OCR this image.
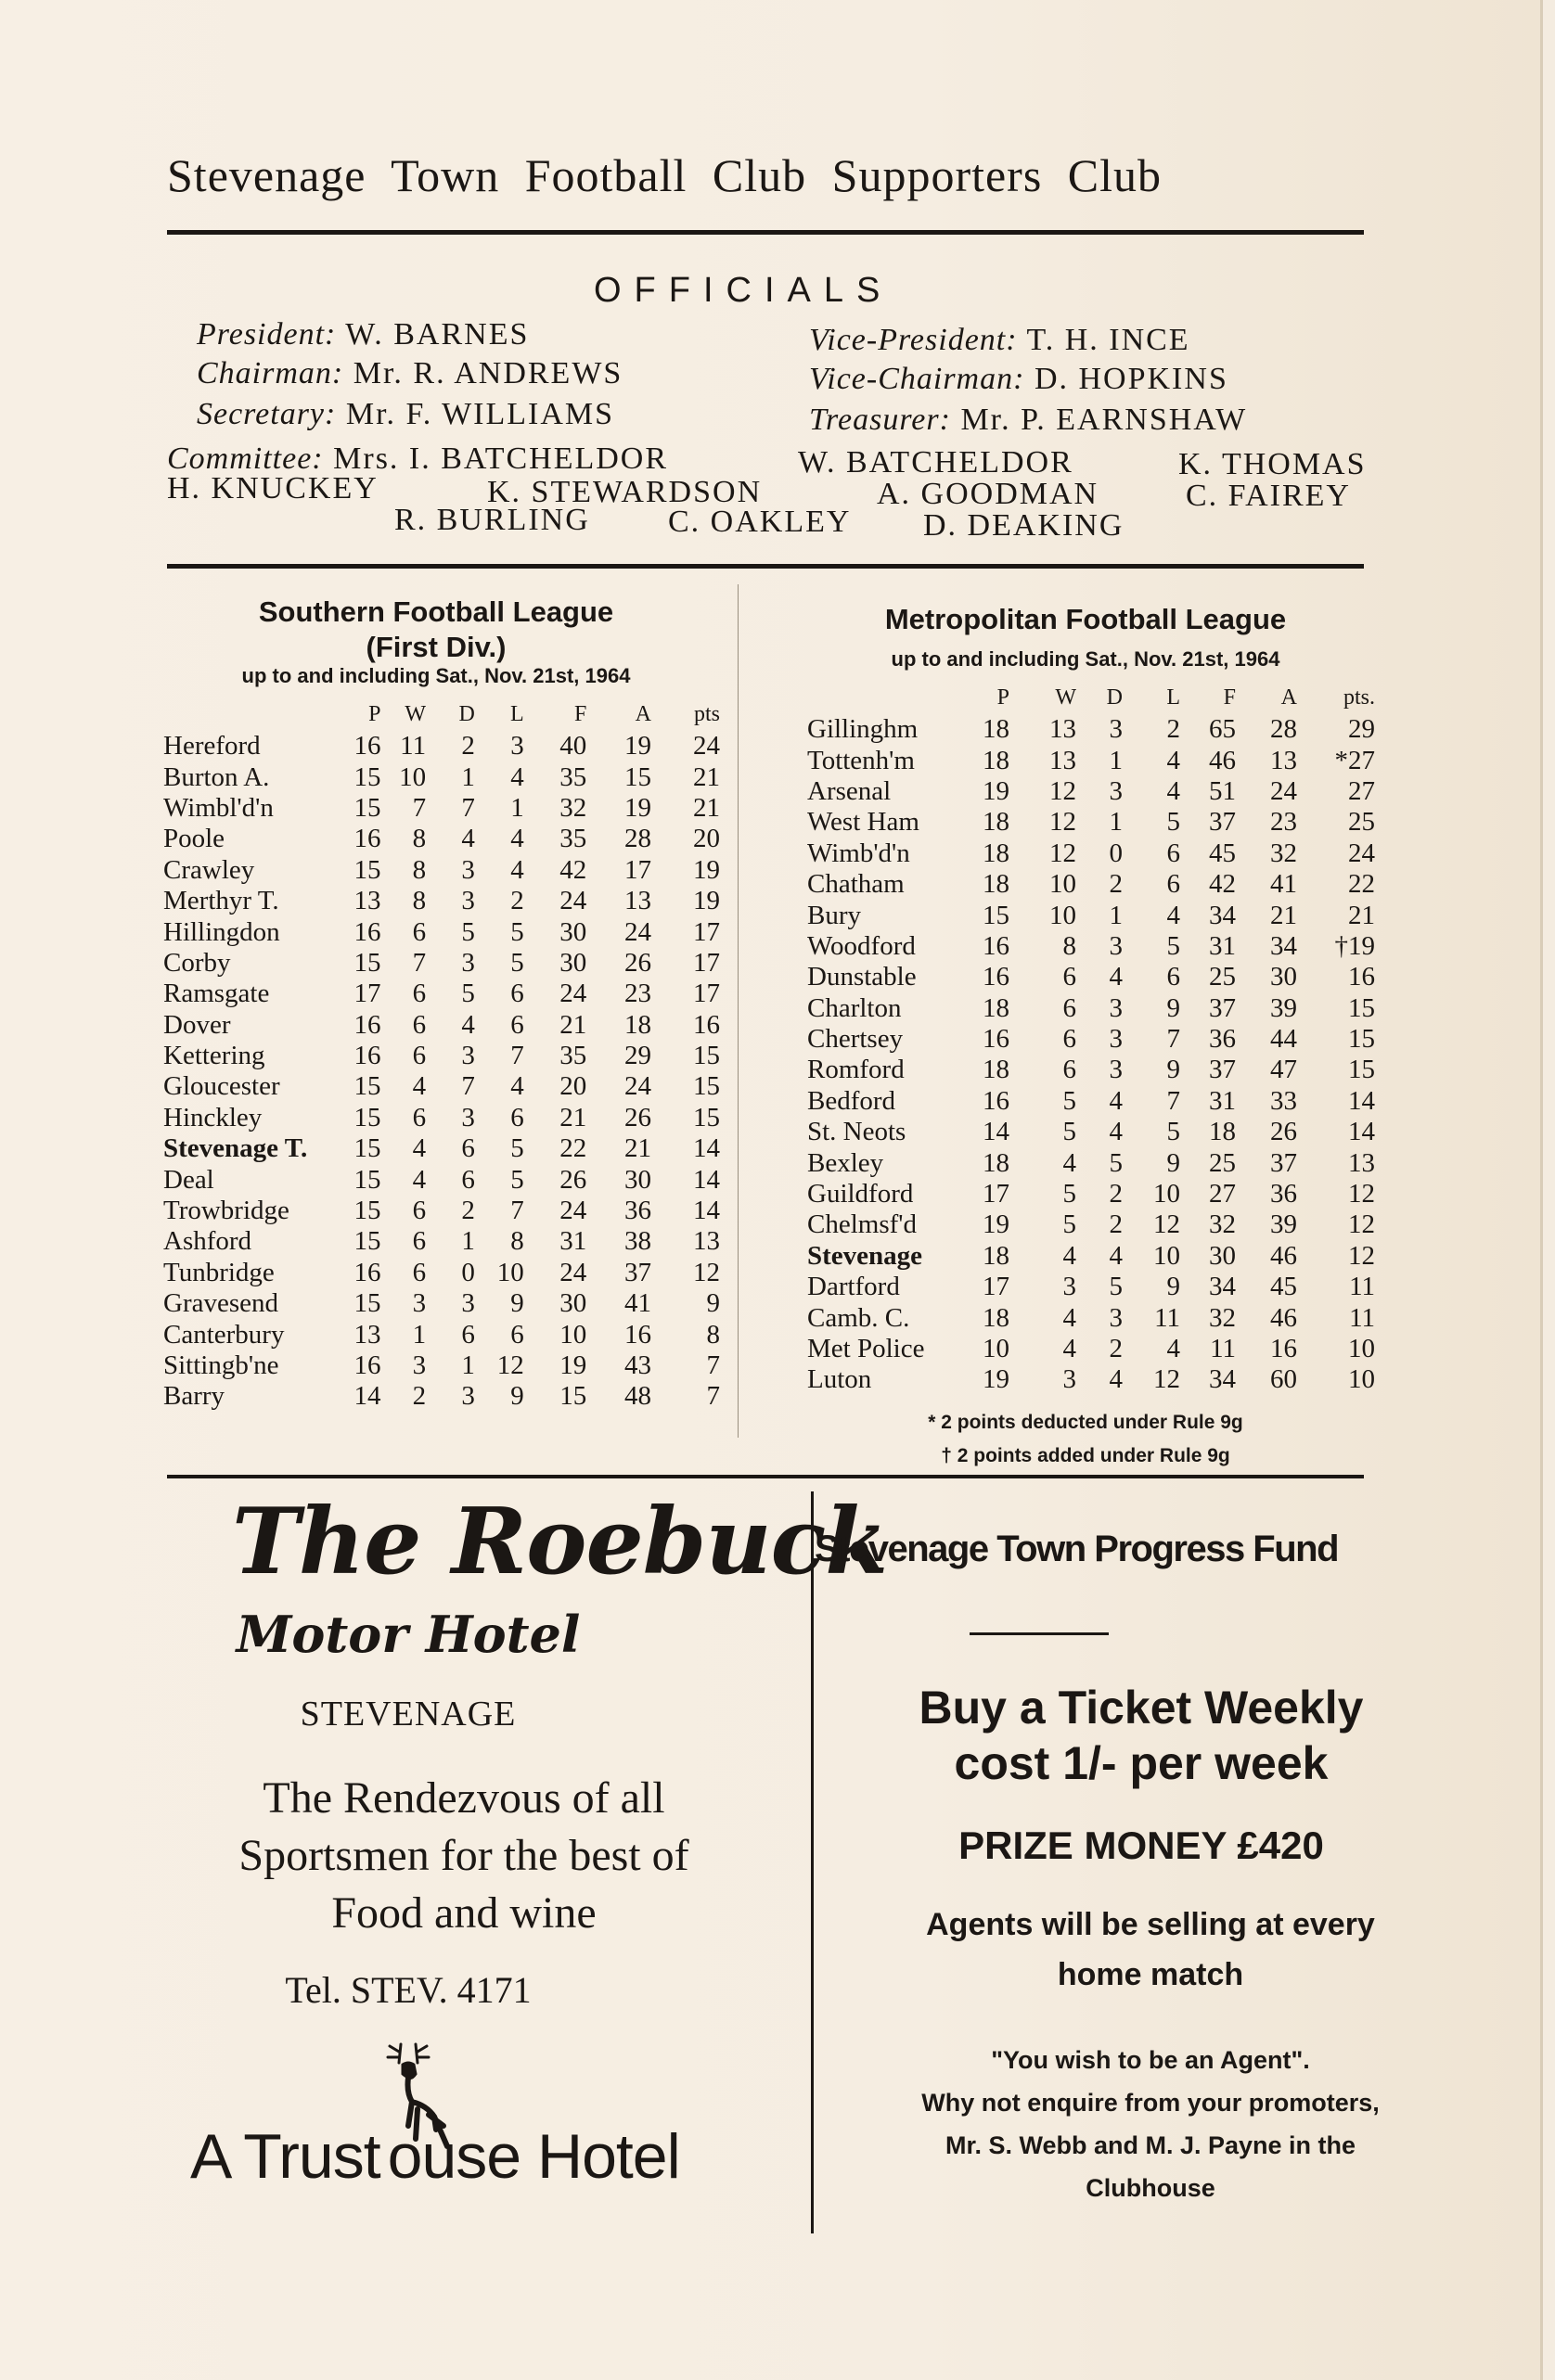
Stevenage Town Football Club Supporters Club
OFFICIALS
President: W. BARNES	Vice-President: T. H. INCE
Chairman: Mr. R. ANDREWS	Vice-Chairman: D. HOPKINS
Secretary: Mr. F. WILLIAMS	Treasurer: Mr. P. EARNSHAW
Committee: Mrs. I. BATCHELDOR	W. BATCHELDOR	K. THOMAS
H. KNUCKEY	K. STEWARDSON	A. GOODMAN	C. FAIREY
R. BURLING C. OAKLEY D. DEAKING
Southern Football League
(First Div.)
up to and including Sat., Nov. 21st, 1964
	P	W	D	L	F	A	pts
Hereford	16	11	2	3	40	19	24
Burton A.	15	10	1	4	35	15	21
Wimbl'd'n	15	7	7	1	32	19	21
Poole	16	8	4	4	35	28	20
Crawley	15	8	3	4	42	17	19
Merthyr T.	13	8	3	2	24	13	19
Hillingdon	16	6	5	5	30	24	17
Corby	15	7	3	5	30	26	17
Ramsgate	17	6	5	6	24	23	17
Dover	16	6	4	6	21	18	16
Kettering	16	6	3	7	35	29	15
Gloucester	15	4	7	4	20	24	15
Hinckley	15	6	3	6	21	26	15
Stevenage T.	15	4	6	5	22	21	14
Deal	15	4	6	5	26	30	14
Trowbridge	15	6	2	7	24	36	14
Ashford	15	6	1	8	31	38	13
Tunbridge	16	6	0	10	24	37	12
Gravesend	15	3	3	9	30	41	9
Canterbury	13	1	6	6	10	16	8
Sittingb'ne	16	3	1	12	19	43	7
Barry	14	2	3	9	15	48	7
Metropolitan Football League
up to and including Sat., Nov. 21st, 1964
	P	W	D	L	F	A	pts.
Gillinghm	18	13	3	2	65	28	29
Tottenh'm	18	13	1	4	46	13	*27
Arsenal	19	12	3	4	51	24	27
West Ham	18	12	1	5	37	23	25
Wimb'd'n	18	12	0	6	45	32	24
Chatham	18	10	2	6	42	41	22
Bury	15	10	1	4	34	21	21
Woodford	16	8	3	5	31	34	†19
Dunstable	16	6	4	6	25	30	16
Charlton	18	6	3	9	37	39	15
Chertsey	16	6	3	7	36	44	15
Romford	18	6	3	9	37	47	15
Bedford	16	5	4	7	31	33	14
St. Neots	14	5	4	5	18	26	14
Bexley	18	4	5	9	25	37	13
Guildford	17	5	2	10	27	36	12
Chelmsf'd	19	5	2	12	32	39	12
Stevenage	18	4	4	10	30	46	12
Dartford	17	3	5	9	34	45	11
Camb. C.	18	4	3	11	32	46	11
Met Police	10	4	2	4	11	16	10
Luton	19	3	4	12	34	60	10
* 2 points deducted under Rule 9g
† 2 points added under Rule 9g
The Roebuck
Motor Hotel
STEVENAGE
The Rendezvous of all
Sportsmen for the best of
Food and wine
Tel. STEV. 4171
A Trust ouse Hotel
Stevenage Town Progress Fund
Buy a Ticket Weekly
cost 1/- per week
PRIZE MONEY £420
Agents will be selling at every
home match
"You wish to be an Agent".
Why not enquire from your promoters,
Mr. S. Webb and M. J. Payne in the
Clubhouse
